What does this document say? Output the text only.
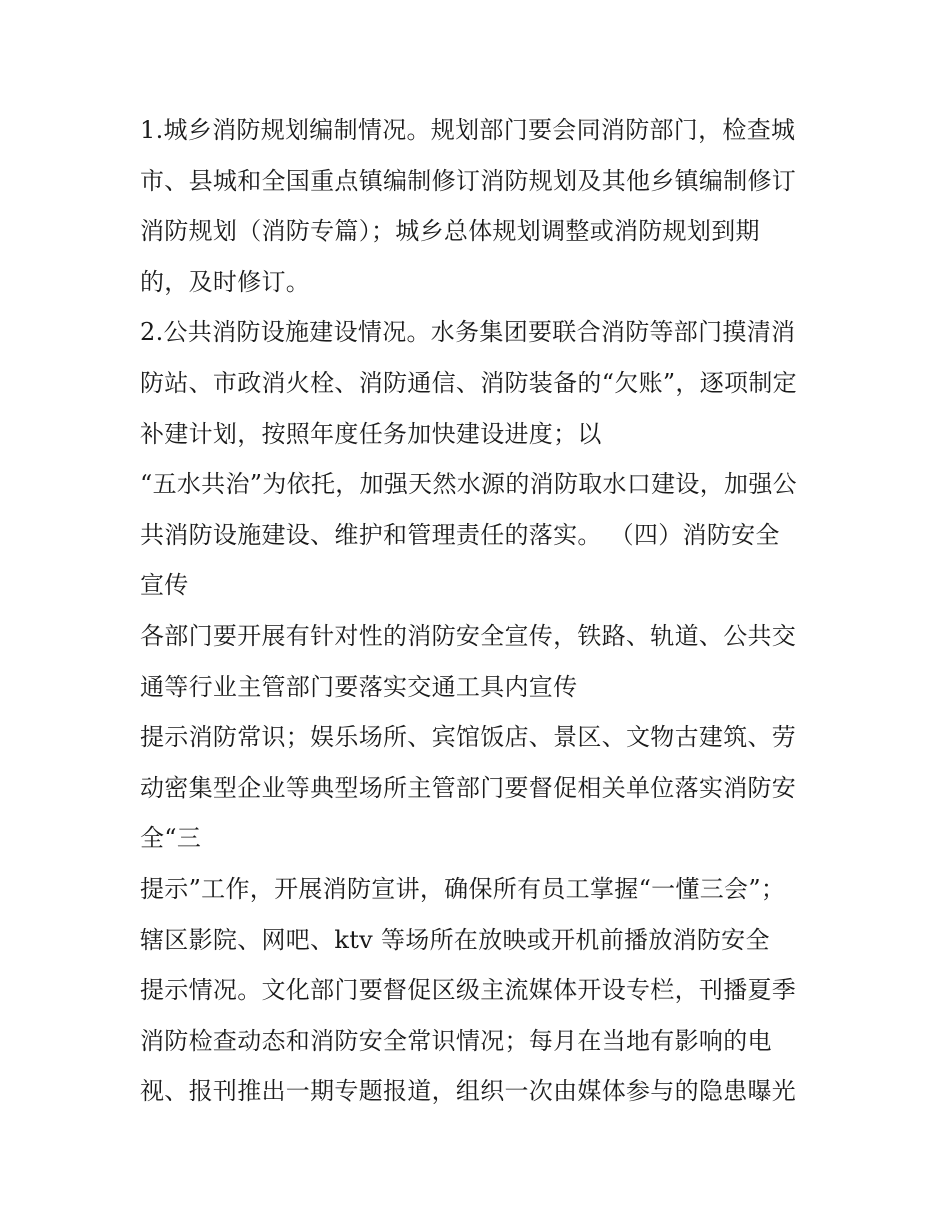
1.城乡消防规划编制情况。规划部门要会同消防部门，检查城
市、县城和全国重点镇编制修订消防规划及其他乡镇编制修订
消防规划（消防专篇）；城乡总体规划调整或消防规划到期
的，及时修订。
2.公共消防设施建设情况。水务集团要联合消防等部门摸清消
防站、市政消火栓、消防通信、消防装备的“欠账”，逐项制定
补建计划，按照年度任务加快建设进度；以
“五水共治”为依托，加强天然水源的消防取水口建设，加强公
共消防设施建设、维护和管理责任的落实。 （四）消防安全
宣传
各部门要开展有针对性的消防安全宣传，铁路、轨道、公共交
通等行业主管部门要落实交通工具内宣传
提示消防常识；娱乐场所、宾馆饭店、景区、文物古建筑、劳
动密集型企业等典型场所主管部门要督促相关单位落实消防安
全“三
提示”工作，开展消防宣讲，确保所有员工掌握“一懂三会”；
辖区影院、网吧、ktv 等场所在放映或开机前播放消防安全
提示情况。文化部门要督促区级主流媒体开设专栏，刊播夏季
消防检查动态和消防安全常识情况；每月在当地有影响的电
视、报刊推出一期专题报道，组织一次由媒体参与的隐患曝光
